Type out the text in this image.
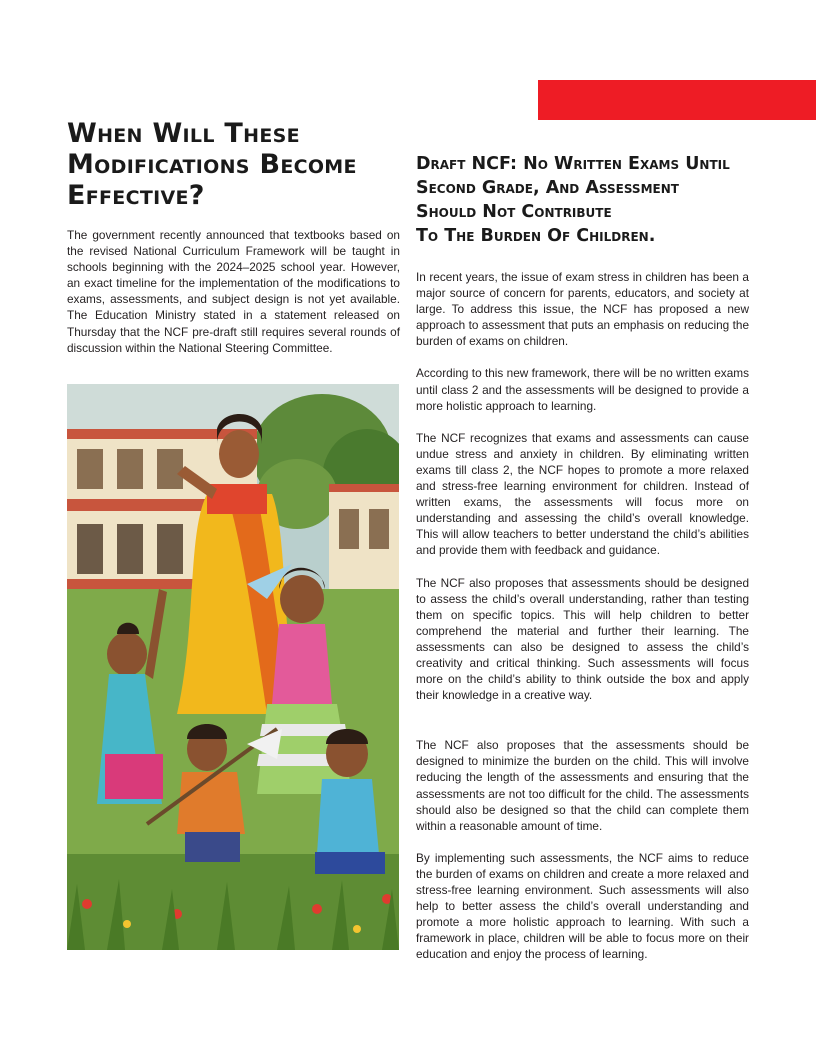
When Will These
Modifications Become
Effective?

The government recently announced that textbooks based on the revised National Curriculum Framework will be taught in schools beginning with the 2024–2025 school year. However, an exact timeline for the implementation of the modifications to exams, assessments, and subject design is not yet available. The Education Ministry stated in a statement released on Thursday that the NCF pre-draft still requires several rounds of discussion within the National Steering Committee.

Draft NCF: No Written Exams Until
Second Grade, And Assessment
Should Not Contribute
To The Burden Of Children.

In recent years, the issue of exam stress in children has been a major source of concern for parents, educators, and society at large. To address this issue, the NCF has proposed a new approach to assessment that puts an emphasis on reducing the burden of exams on children.

According to this new framework, there will be no written exams until class 2 and the assessments will be designed to provide a more holistic approach to learning.

The NCF recognizes that exams and assessments can cause undue stress and anxiety in children. By eliminating written exams till class 2, the NCF hopes to promote a more relaxed and stress-free learning environment for children. Instead of written exams, the assessments will focus more on understanding and assessing the child’s overall knowledge. This will allow teachers to better understand the child’s abilities and provide them with feedback and guidance.

The NCF also proposes that assessments should be designed to assess the child’s overall understanding, rather than testing them on specific topics. This will help children to better comprehend the material and further their learning. The assessments can also be designed to assess the child’s creativity and critical thinking. Such assessments will focus more on the child’s ability to think outside the box and apply their knowledge in a creative way.

The NCF also proposes that the assessments should be designed to minimize the burden on the child. This will involve reducing the length of the assessments and ensuring that the assessments are not too difficult for the child. The assessments should also be designed so that the child can complete them within a reasonable amount of time.

By implementing such assessments, the NCF aims to reduce the burden of exams on children and create a more relaxed and stress-free learning environment. Such assessments will also help to better assess the child’s overall understanding and promote a more holistic approach to learning. With such a framework in place, children will be able to focus more on their education and enjoy the process of learning.
